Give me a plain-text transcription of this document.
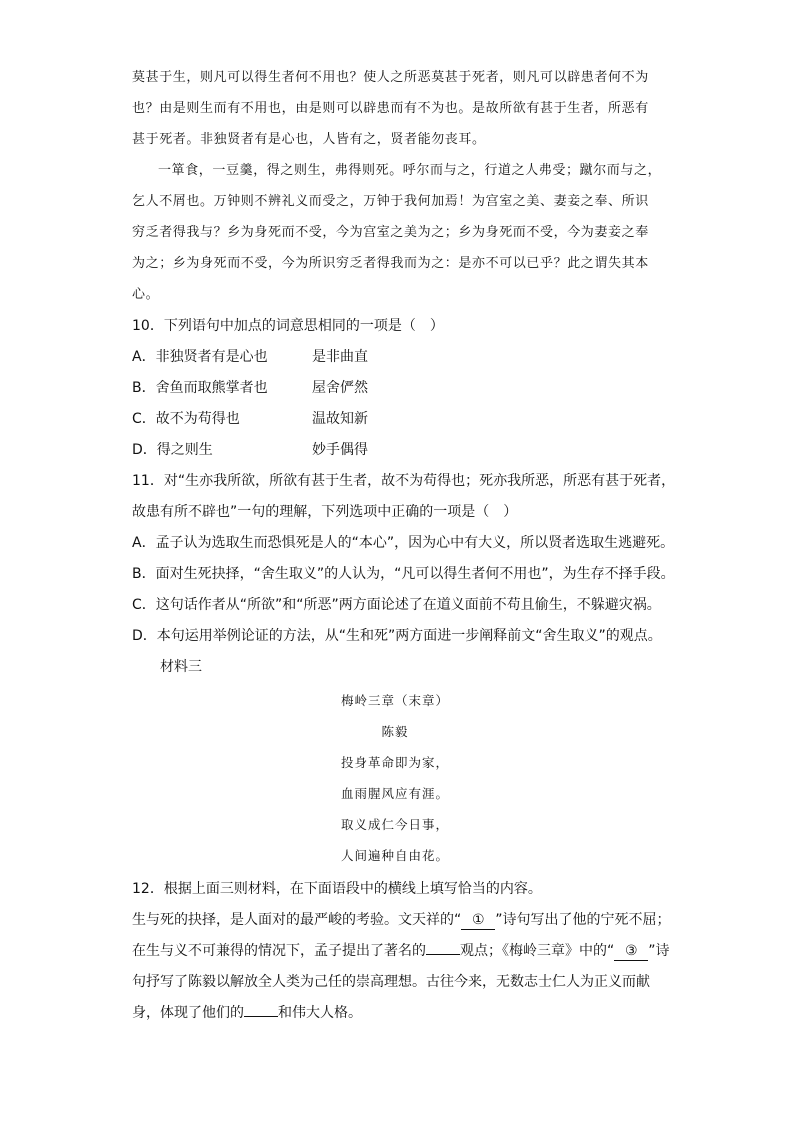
莫甚于生，则凡可以得生者何不用也？使人之所恶莫甚于死者，则凡可以辟患者何不为也？由是则生而有不用也，由是则可以辟患而有不为也。是故所欲有甚于生者，所恶有甚于死者。非独贤者有是心也，人皆有之，贤者能勿丧耳。

一箪食，一豆羹，得之则生，弗得则死。呼尔而与之，行道之人弗受；蹴尔而与之，乞人不屑也。万钟则不辨礼义而受之，万钟于我何加焉！为宫室之美、妻妾之奉、所识穷乏者得我与？乡为身死而不受，今为宫室之美为之；乡为身死而不受，今为妻妾之奉为之；乡为身死而不受，今为所识穷乏者得我而为之：是亦不可以已乎？此之谓失其本心。

10．下列语句中加点的词意思相同的一项是（　）

A．非独贤者有是心也	是非曲直

B．舍鱼而取熊掌者也	屋舍俨然

C．故不为苟得也	温故知新

D．得之则生	妙手偶得

11．对“生亦我所欲，所欲有甚于生者，故不为苟得也；死亦我所恶，所恶有甚于死者，故患有所不辟也”一句的理解，下列选项中正确的一项是（　）

A．孟子认为选取生而恐惧死是人的“本心”，因为心中有大义，所以贤者选取生逃避死。

B．面对生死抉择，“舍生取义”的人认为，“凡可以得生者何不用也”，为生存不择手段。

C．这句话作者从“所欲”和“所恶”两方面论述了在道义面前不苟且偷生，不躲避灾祸。

D．本句运用举例论证的方法，从“生和死”两方面进一步阐释前文“舍生取义”的观点。

材料三

梅岭三章（末章）
陈毅
投身革命即为家，
血雨腥风应有涯。
取义成仁今日事，
人间遍种自由花。

12．根据上面三则材料，在下面语段中的横线上填写恰当的内容。

生与死的抉择，是人面对的最严峻的考验。文天祥的“ ① ”诗句写出了他的宁死不屈；在生与义不可兼得的情况下，孟子提出了著名的 观点；《梅岭三章》中的“ ③ ”诗句抒写了陈毅以解放全人类为己任的崇高理想。古往今来，无数志士仁人为正义而献身，体现了他们的 和伟大人格。
